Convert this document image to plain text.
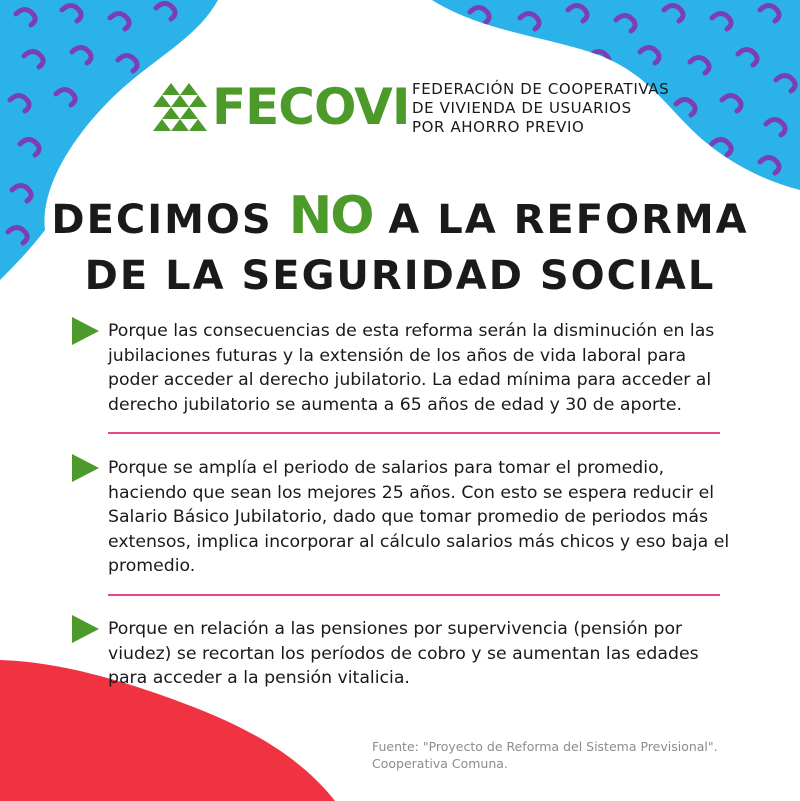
FECOVI FEDERACIÓN DE COOPERATIVAS
DE VIVIENDA DE USUARIOS
POR AHORRO PREVIO
DECIMOS NO A LA REFORMA
DE LA SEGURIDAD SOCIAL
Porque las consecuencias de esta reforma serán la disminución en las jubilaciones futuras y la extensión de los años de vida laboral para poder acceder al derecho jubilatorio. La edad mínima para acceder al derecho jubilatorio se aumenta a 65 años de edad y 30 de aporte.
Porque se amplía el periodo de salarios para tomar el promedio, haciendo que sean los mejores 25 años. Con esto se espera reducir el Salario Básico Jubilatorio, dado que tomar promedio de periodos más extensos, implica incorporar al cálculo salarios más chicos y eso baja el promedio.
Porque en relación a las pensiones por supervivencia (pensión por viudez) se recortan los períodos de cobro y se aumentan las edades para acceder a la pensión vitalicia.
Fuente: "Proyecto de Reforma del Sistema Previsional".
Cooperativa Comuna.
